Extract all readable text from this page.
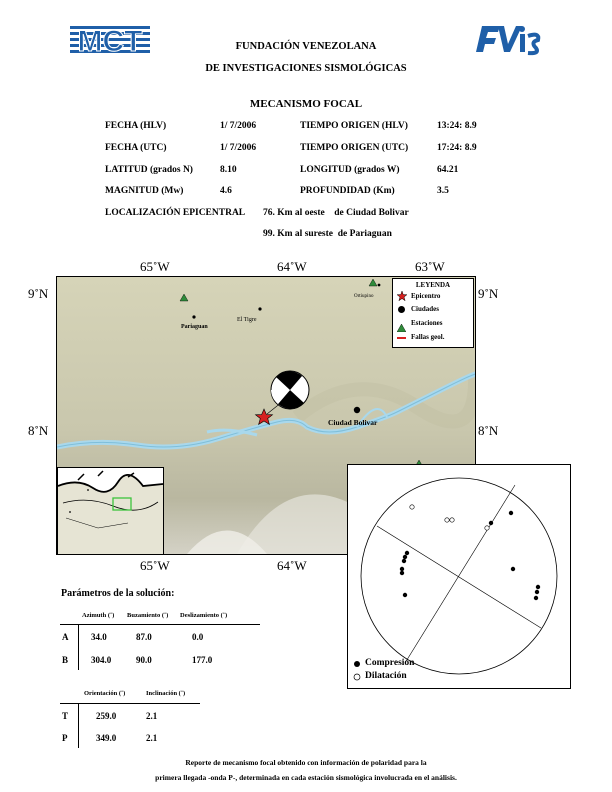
MCT	FUNDACIÓN VENEZOLANA
DE INVESTIGACIONES SISMOLÓGICAS
MECANISMO FOCAL
FECHA (HLV)	1/ 7/2006	TIEMPO ORIGEN (HLV)	13:24: 8.9
FECHA (UTC)	1/ 7/2006	TIEMPO ORIGEN (UTC)	17:24: 8.9
LATITUD (grados N)	8.10	LONGITUD (grados W)	64.21
MAGNITUD (Mw)	4.6	PROFUNDIDAD (Km)	3.5
LOCALIZACIÓN EPICENTRAL 76. Km al oeste    de Ciudad Bolivar
99. Km al sureste  de Pariaguan
65˚W	64˚W	63˚W
65˚W	64˚W
9˚N
8˚N
9˚N
8˚N
Pariaguan
El Tigre
Ortiupino
Ciudad Bolivar
LEYENDA
Epicentro
Ciudades
Estaciones
Fallas geol.
Compresion
Dilatación
Parámetros de la solución:
Azimuth (˚) Buzamiento (˚) Deslizamiento (˚)
A	34.0	87.0	0.0
B	304.0	90.0	177.0
Orientación (˚)	Inclinación (˚)
T	259.0	2.1
P	349.0	2.1
Reporte de mecanismo focal obtenido con información de polaridad para la
primera llegada -onda P-, determinada en cada estación sismológica involucrada en el análisis.
